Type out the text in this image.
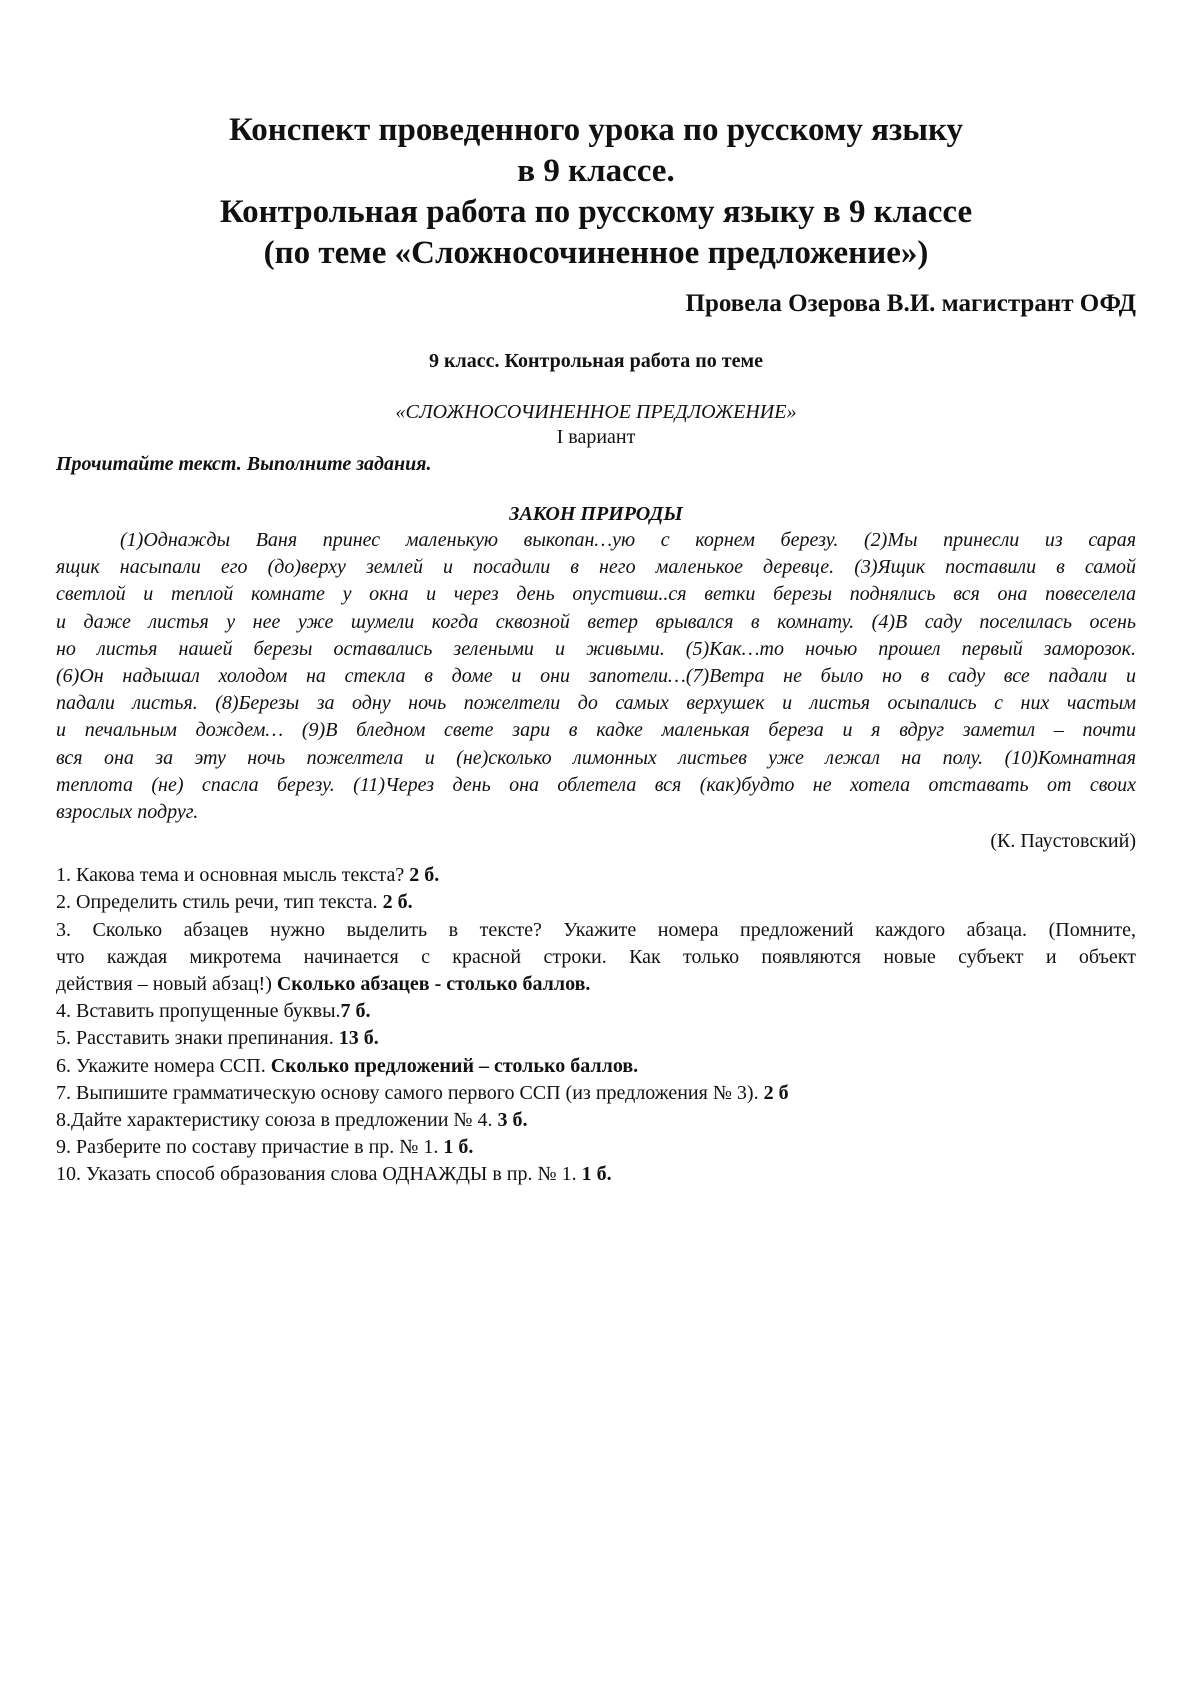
Конспект проведенного урока по русскому языку
в 9 классе.
Контрольная работа по русскому языку в 9 классе
(по теме «Сложносочиненное предложение»)

Провела Озерова В.И. магистрант ОФД

9 класс. Контрольная работа по теме

«СЛОЖНОСОЧИНЕННОЕ ПРЕДЛОЖЕНИЕ»

I вариант

Прочитайте текст. Выполните задания.

ЗАКОН ПРИРОДЫ

(1)Однажды Ваня принес маленькую выкопан…ую с корнем березу. (2)Мы принесли из сарая
ящик насыпали его (до)верху землей и посадили в него маленькое деревце. (3)Ящик поставили в самой
светлой и теплой комнате у окна и через день опустивш..ся ветки березы поднялись вся она повеселела
и даже листья у нее уже шумели когда сквозной ветер врывался в комнату. (4)В саду поселилась осень
но листья нашей березы оставались зелеными и живыми. (5)Как…то ночью прошел первый заморозок.
(6)Он надышал холодом на стекла в доме и они запотели…(7)Ветра не было но в саду все падали и
падали листья. (8)Березы за одну ночь пожелтели до самых верхушек и листья осыпались с них частым
и печальным дождем… (9)В бледном свете зари в кадке маленькая береза и я вдруг заметил – почти
вся она за эту ночь пожелтела и (не)сколько лимонных листьев уже лежал на полу. (10)Комнатная
теплота (не) спасла березу. (11)Через день она облетела вся (как)будто не хотела отставать от своих
взрослых подруг.

(К. Паустовский)

1. Какова тема и основная мысль текста? 2 б.
2. Определить стиль речи, тип текста. 2 б.
3. Сколько абзацев нужно выделить в тексте? Укажите номера предложений каждого абзаца. (Помните,
что каждая микротема начинается с красной строки. Как только появляются новые субъект и объект
действия – новый абзац!) Сколько абзацев - столько баллов.
4. Вставить пропущенные буквы.7 б.
5. Расставить знаки препинания. 13 б.
6. Укажите номера ССП. Сколько предложений – столько баллов.
7. Выпишите грамматическую основу самого первого ССП (из предложения № 3). 2 б
8.Дайте характеристику союза в предложении № 4. 3 б.
9. Разберите по составу причастие в пр. № 1. 1 б.
10. Указать способ образования слова ОДНАЖДЫ в пр. № 1. 1 б.
